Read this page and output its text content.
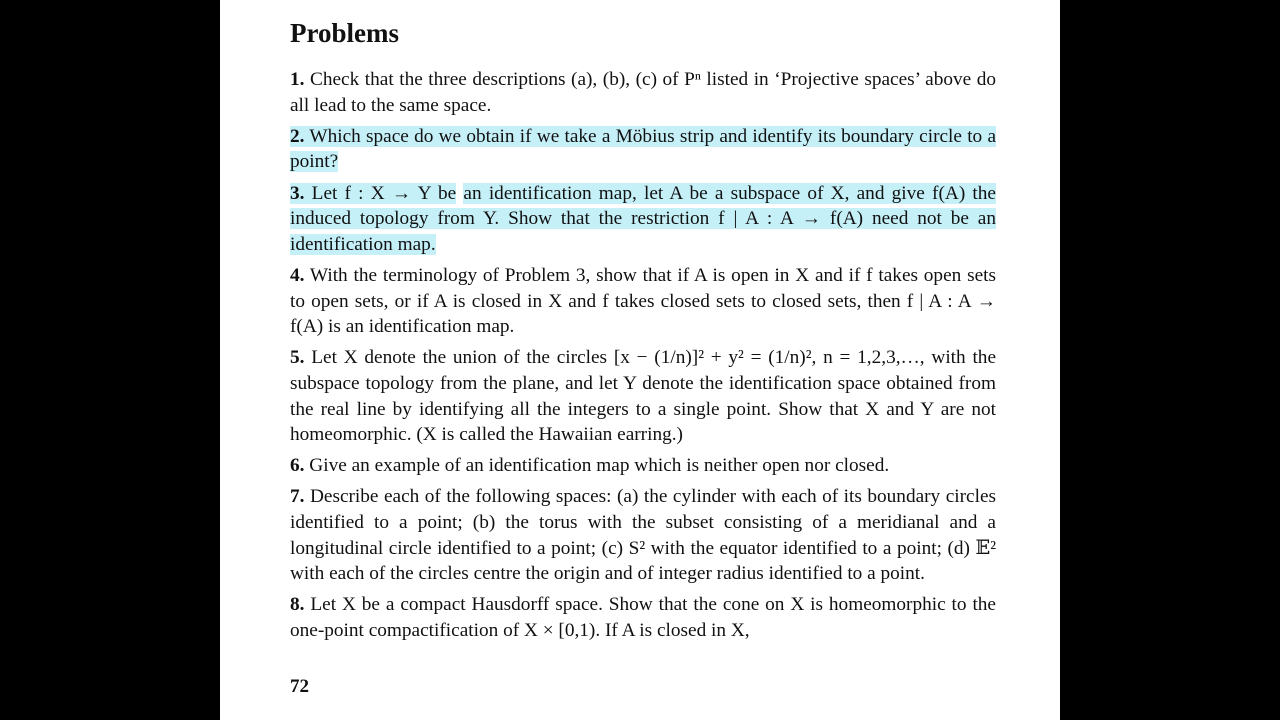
Problems

1. Check that the three descriptions (a), (b), (c) of Pⁿ listed in ‘Projective spaces’ above do all lead to the same space.

2. Which space do we obtain if we take a Möbius strip and identify its boundary circle to a point?

3. Let f : X → Y be an identification map, let A be a subspace of X, and give f(A) the induced topology from Y. Show that the restriction f | A : A → f(A) need not be an identification map.

4. With the terminology of Problem 3, show that if A is open in X and if f takes open sets to open sets, or if A is closed in X and f takes closed sets to closed sets, then f | A : A → f(A) is an identification map.

5. Let X denote the union of the circles [x − (1/n)]² + y² = (1/n)², n = 1,2,3,…, with the subspace topology from the plane, and let Y denote the identification space obtained from the real line by identifying all the integers to a single point. Show that X and Y are not homeomorphic. (X is called the Hawaiian earring.)

6. Give an example of an identification map which is neither open nor closed.

7. Describe each of the following spaces: (a) the cylinder with each of its boundary circles identified to a point; (b) the torus with the subset consisting of a meridianal and a longitudinal circle identified to a point; (c) S² with the equator identified to a point; (d) 𝔼² with each of the circles centre the origin and of integer radius identified to a point.

8. Let X be a compact Hausdorff space. Show that the cone on X is homeomorphic to the one-point compactification of X × [0,1). If A is closed in X,

72
